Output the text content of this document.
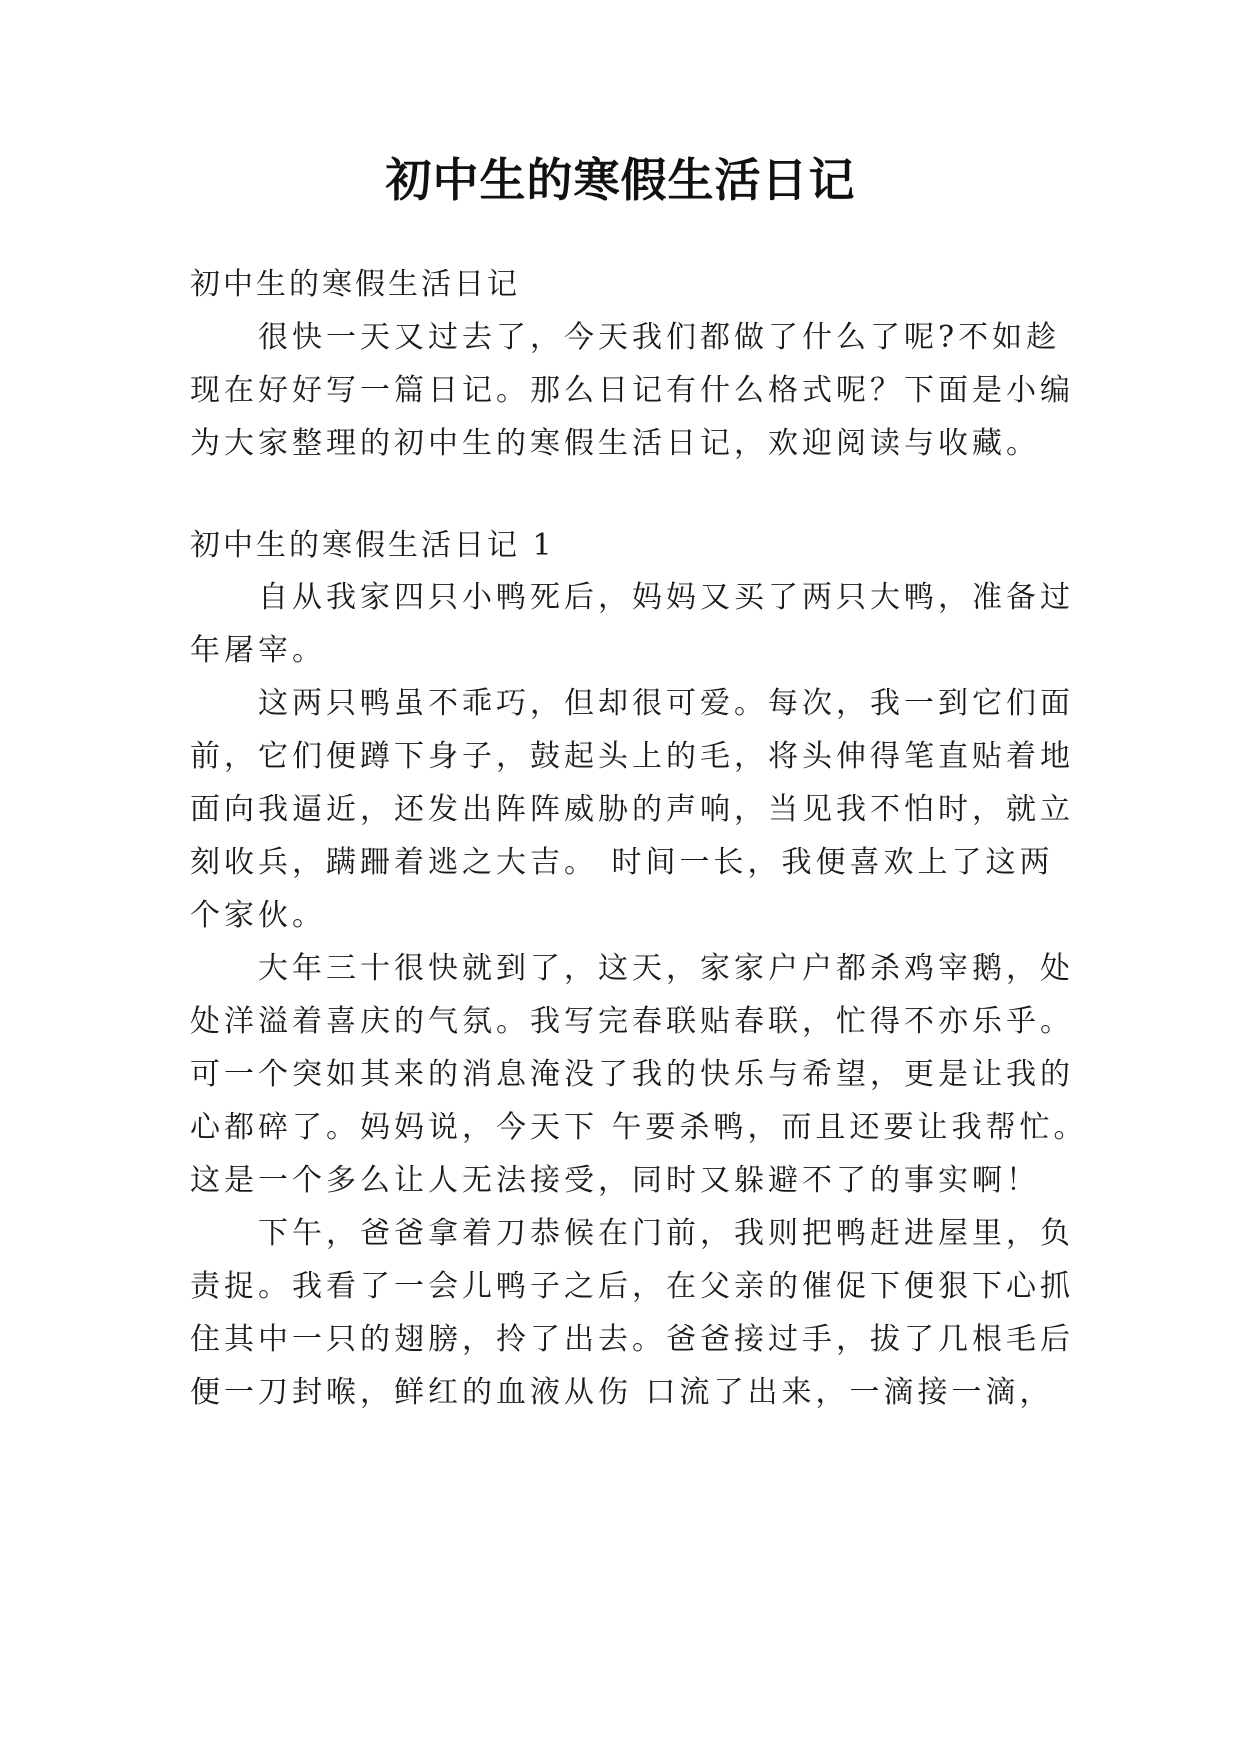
初中生的寒假生活日记
初中生的寒假生活日记
很快一天又过去了，今天我们都做了什么了呢?不如趁
现在好好写一篇日记。那么日记有什么格式呢？下面是小编
为大家整理的初中生的寒假生活日记，欢迎阅读与收藏。
初中生的寒假生活日记 1
自从我家四只小鸭死后，妈妈又买了两只大鸭，准备过
年屠宰。
这两只鸭虽不乖巧，但却很可爱。每次，我一到它们面
前，它们便蹲下身子，鼓起头上的毛，将头伸得笔直贴着地
面向我逼近，还发出阵阵威胁的声响，当见我不怕时，就立
刻收兵，蹒跚着逃之大吉。 时间一长，我便喜欢上了这两
个家伙。
大年三十很快就到了，这天，家家户户都杀鸡宰鹅，处
处洋溢着喜庆的气氛。我写完春联贴春联，忙得不亦乐乎。
可一个突如其来的消息淹没了我的快乐与希望，更是让我的
心都碎了。妈妈说，今天下 午要杀鸭，而且还要让我帮忙。
这是一个多么让人无法接受，同时又躲避不了的事实啊！
下午，爸爸拿着刀恭候在门前，我则把鸭赶进屋里，负
责捉。我看了一会儿鸭子之后，在父亲的催促下便狠下心抓
住其中一只的翅膀，拎了出去。爸爸接过手，拔了几根毛后
便一刀封喉，鲜红的血液从伤 口流了出来，一滴接一滴，
